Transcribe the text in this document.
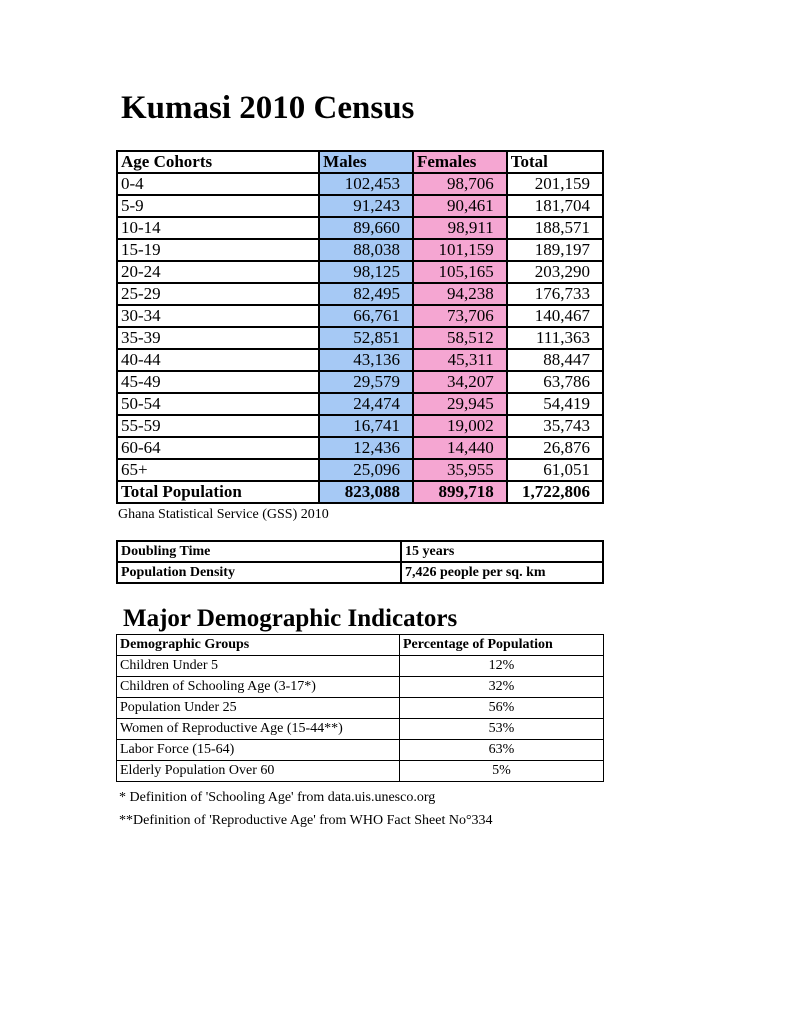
Kumasi 2010 Census
Age Cohorts	Males	Females	Total
0-4	102,453	98,706	201,159
5-9	91,243	90,461	181,704
10-14	89,660	98,911	188,571
15-19	88,038	101,159	189,197
20-24	98,125	105,165	203,290
25-29	82,495	94,238	176,733
30-34	66,761	73,706	140,467
35-39	52,851	58,512	111,363
40-44	43,136	45,311	88,447
45-49	29,579	34,207	63,786
50-54	24,474	29,945	54,419
55-59	16,741	19,002	35,743
60-64	12,436	14,440	26,876
65+	25,096	35,955	61,051
Total Population	823,088	899,718	1,722,806

Ghana Statistical Service (GSS) 2010

Doubling Time	15 years
Population Density	7,426 people per sq. km
Major Demographic Indicators
Demographic Groups	Percentage of Population
Children Under 5	12%
Children of Schooling Age (3-17*)	32%
Population Under 25	56%
Women of Reproductive Age (15-44**)	53%
Labor Force (15-64)	63%
Elderly Population Over 60	5%

* Definition of 'Schooling Age' from data.uis.unesco.org

**Definition of 'Reproductive Age' from WHO Fact Sheet No°334
